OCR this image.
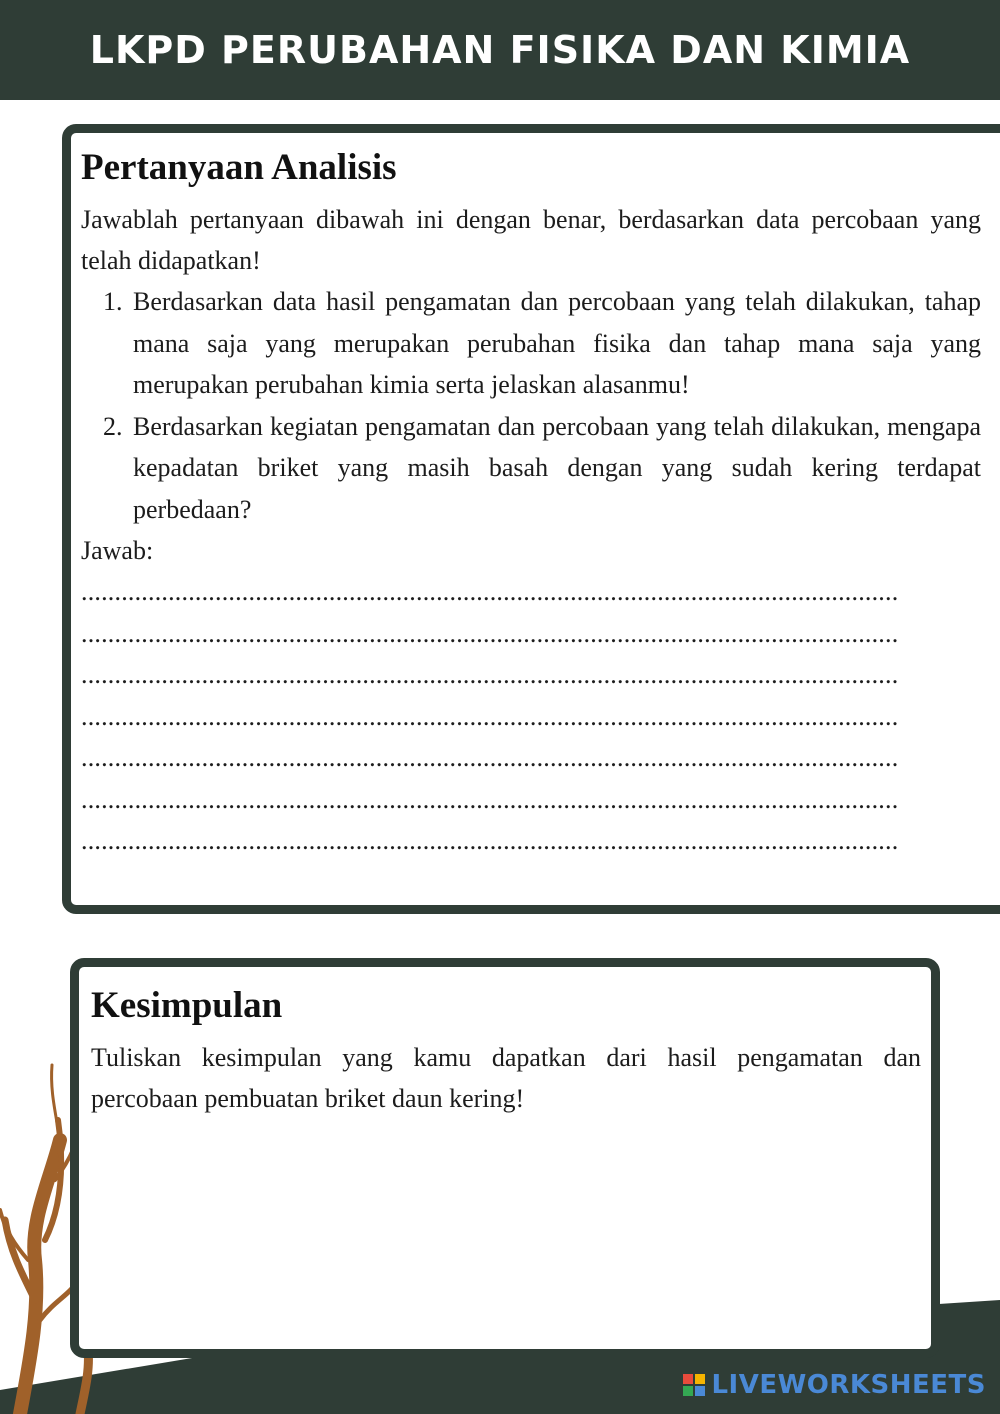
LKPD PERUBAHAN FISIKA DAN KIMIA
Pertanyaan Analisis

Jawablah pertanyaan dibawah ini dengan benar, berdasarkan data percobaan yang telah didapatkan!

1. Berdasarkan data hasil pengamatan dan percobaan yang telah dilakukan, tahap mana saja yang merupakan perubahan fisika dan tahap mana saja yang merupakan perubahan kimia serta jelaskan alasanmu!
2. Berdasarkan kegiatan pengamatan dan percobaan yang telah dilakukan, mengapa kepadatan briket yang masih basah dengan yang sudah kering terdapat perbedaan?

Jawab:

..........................................................................................................................
..........................................................................................................................
..........................................................................................................................
..........................................................................................................................
..........................................................................................................................
..........................................................................................................................
..........................................................................................................................
Kesimpulan

Tuliskan kesimpulan yang kamu dapatkan dari hasil pengamatan dan percobaan pembuatan briket daun kering!

LIVEWORKSHEETS
